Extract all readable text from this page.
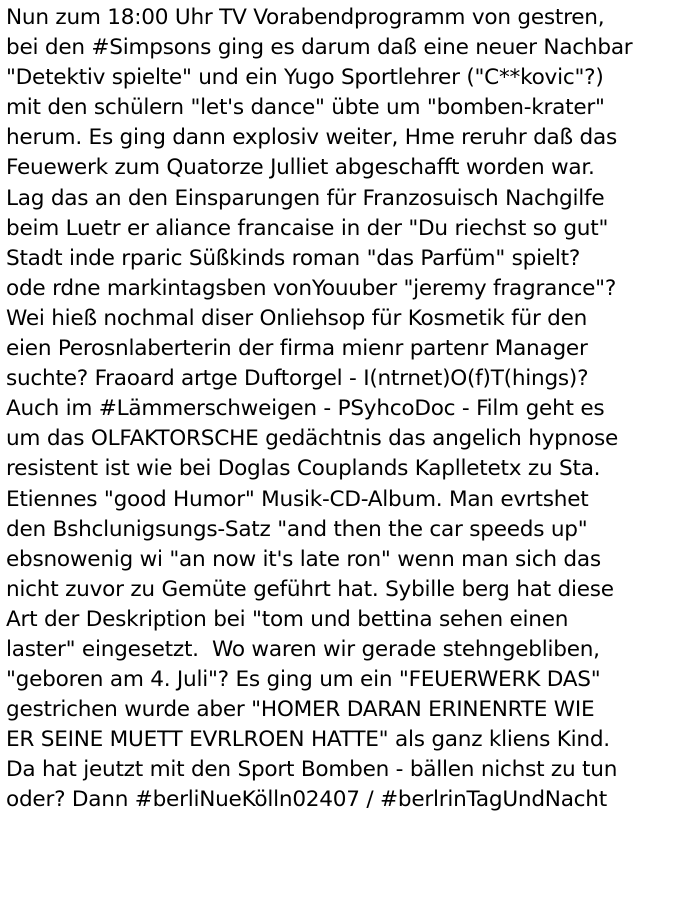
Nun zum 18:00 Uhr TV Vorabendprogramm von gestren,
bei den #Simpsons ging es darum daß eine neuer Nachbar
"Detektiv spielte" und ein Yugo Sportlehrer ("C**kovic"?)
mit den schülern "let's dance" übte um "bomben-krater"
herum. Es ging dann explosiv weiter, Hme reruhr daß das
Feuewerk zum Quatorze Julliet abgeschafft worden war.
Lag das an den Einsparungen für Franzosuisch Nachgilfe
beim Luetr er aliance francaise in der "Du riechst so gut"
Stadt inde rparic Süßkinds roman "das Parfüm" spielt?
ode rdne markintagsben vonYouuber "jeremy fragrance"?
Wei hieß nochmal diser Onliehsop für Kosmetik für den
eien Perosnlaberterin der firma mienr partenr Manager
suchte? Fraoard artge Duftorgel - I(ntrnet)O(f)T(hings)?
Auch im #Lämmerschweigen - PSyhcoDoc - Film geht es
um das OLFAKTORSCHE gedächtnis das angelich hypnose
resistent ist wie bei Doglas Couplands Kaplletetx zu Sta.
Etiennes "good Humor" Musik-CD-Album. Man evrtshet
den Bshclunigsungs-Satz "and then the car speeds up"
ebsnowenig wi "an now it's late ron" wenn man sich das
nicht zuvor zu Gemüte geführt hat. Sybille berg hat diese
Art der Deskription bei "tom und bettina sehen einen
laster" eingesetzt.  Wo waren wir gerade stehngebliben,
"geboren am 4. Juli"? Es ging um ein "FEUERWERK DAS"
gestrichen wurde aber "HOMER DARAN ERINENRTE WIE
ER SEINE MUETT EVRLROEN HATTE" als ganz kliens Kind.
Da hat jeutzt mit den Sport Bomben - bällen nichst zu tun
oder? Dann #berliNueKölln02407 / #berlrinTagUndNacht
